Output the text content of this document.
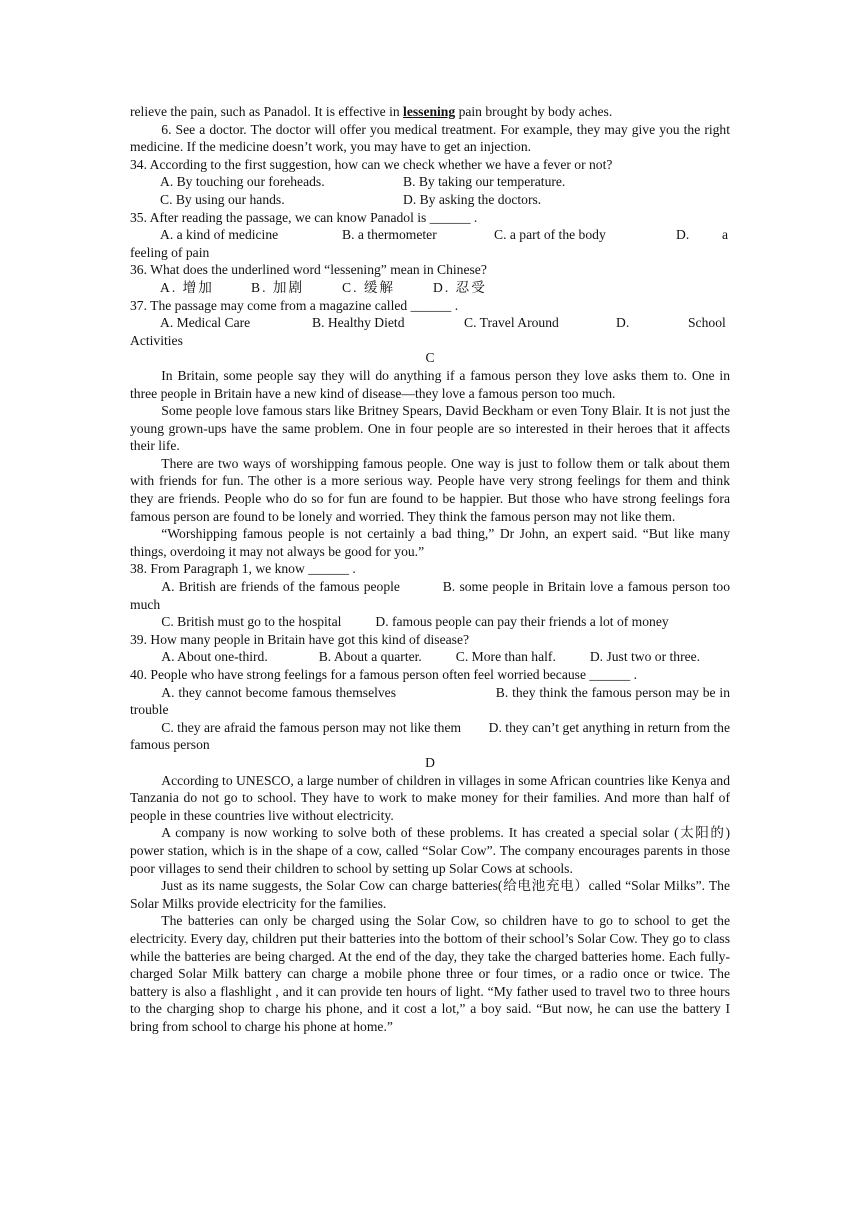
relieve the pain, such as Panadol. It is effective in lessening pain brought by body aches.

6. See a doctor. The doctor will offer you medical treatment. For example, they may give you the right medicine. If the medicine doesn’t work, you may have to get an injection.

34. According to the first suggestion, how can we check whether we have a fever or not?

A. By touching our foreheads.	B. By taking our temperature.
C. By using our hands.	D. By asking the doctors.

35. After reading the passage, we can know Panadol is ______ .

A. a kind of medicine	B. a thermometer	C. a part of the body	D.	a

feeling of pain

36. What does the underlined word “lessening” mean in Chinese?

A. 增加	B. 加剧	C. 缓解	D. 忍受

37. The passage may come from a magazine called ______ .

A. Medical Care	B. Healthy Dietd	C. Travel Around	D.	School

Activities

C

In Britain, some people say they will do anything if a famous person they love asks them to. One in three people in Britain have a new kind of disease—they love a famous person too much.

Some people love famous stars like Britney Spears, David Beckham or even Tony Blair. It is not just the young grown-ups have the same problem. One in four people are so interested in their heroes that it affects their life.

There are two ways of worshipping famous people. One way is just to follow them or talk about them with friends for fun. The other is a more serious way. People have very strong feelings for them and think they are friends. People who do so for fun are found to be happier. But those who have strong feelings fora famous person are found to be lonely and worried. They think the famous person may not like them.

“Worshipping famous people is not certainly a bad thing,” Dr John, an expert said. “But like many things, overdoing it may not always be good for you.”

38. From Paragraph 1, we know ______ .

A. British are friends of the famous people	B. some people in Britain love a famous person too much

C. British must go to the hospital D. famous people can pay their friends a lot of money

39. How many people in Britain have got this kind of disease?

A. About one-third.	B. About a quarter. C. More than half. D. Just two or three.

40. People who have strong feelings for a famous person often feel worried because ______ .

A. they cannot become famous themselves	B. they think the famous person may be in trouble

C. they are afraid the famous person may not like them D. they can’t get anything in return from the famous person

D

According to UNESCO, a large number of children in villages in some African countries like Kenya and Tanzania do not go to school. They have to work to make money for their families. And more than half of people in these countries live without electricity.

A company is now working to solve both of these problems. It has created a special solar (太阳的) power station, which is in the shape of a cow, called “Solar Cow”. The company encourages parents in those poor villages to send their children to school by setting up Solar Cows at schools.

Just as its name suggests, the Solar Cow can charge batteries(给电池充电）called “Solar Milks”. The Solar Milks provide electricity for the families.

The batteries can only be charged using the Solar Cow, so children have to go to school to get the electricity. Every day, children put their batteries into the bottom of their school’s Solar Cow. They go to class while the batteries are being charged. At the end of the day, they take the charged batteries home. Each fully-charged Solar Milk battery can charge a mobile phone three or four times, or a radio once or twice. The battery is also a flashlight , and it can provide ten hours of light. “My father used to travel two to three hours to the charging shop to charge his phone, and it cost a lot,” a boy said. “But now, he can use the battery I bring from school to charge his phone at home.”
